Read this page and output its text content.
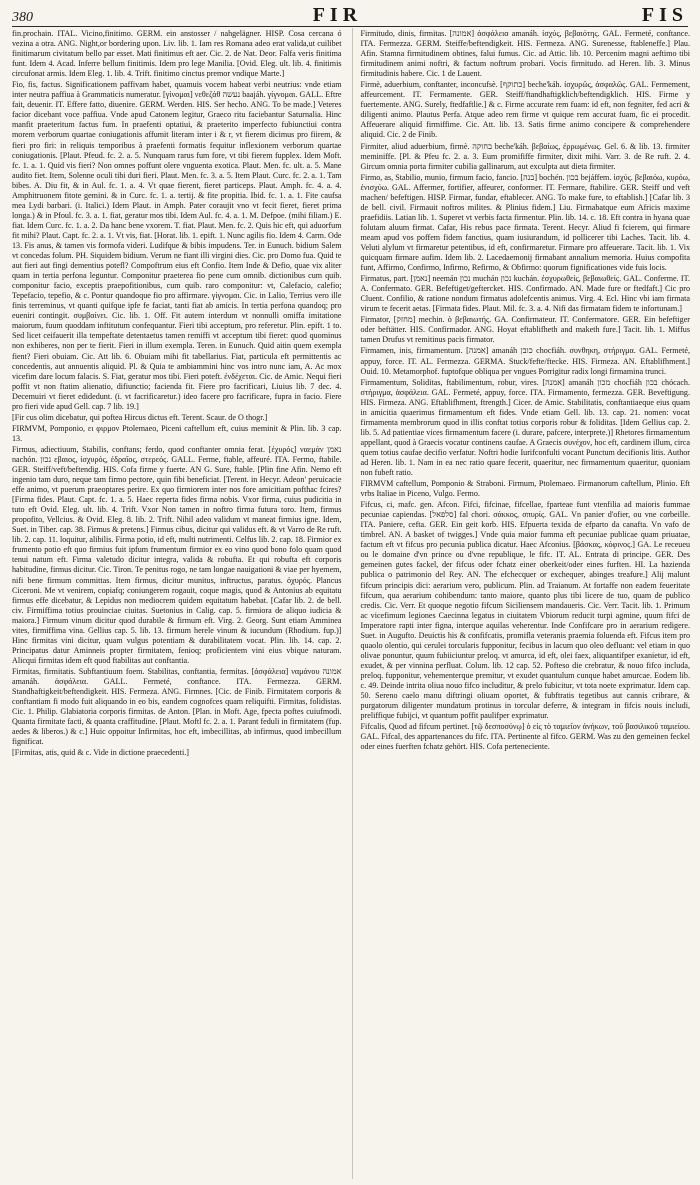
380	FIR	FIS

fin.prochain. ITAL. Vicino,finitimo. GERM. ein anstosser / nahgelägner. HISP. Cosa cercana ó vezina a otra. ANG. Night,or bordering upon. Liv. lib. 1. Iam res Romana adeo erat valida,ut cuilibet finitimarum civitatum bello par esset. Mati finitimus eft aer. Cic. 2. de Nat. Deor. Falfa veris finitima funt. Idem 4. Acad. Inferre bellum finitimis. Idem pro lege Manilia. [Ovid. Eleg. ult. lib. 4. finitimis circufonat armis. Idem Eleg. 1. lib. 4. Trift. finitimo cinctus premor vndique Marte.]

Fio, fis, factus. Significationem paffivam habet, quamuis vocem habeat verbi neutrius: vnde etiam inter neutra paffiua à Grammaticis numeratur. [γίνομαι] νεθεζάθ נעשה baajáh. γίγνομαι. GALL. Eftre fait, deuenir. IT. Effere fatto, diuenire. GERM. Werden. HIS. Ser hecho. ANG. To be made.] Veteres facior dicebant voce paffiua. Vnde apud Catonem legitur, Graeco ritu faciebantur Saturnalia. Hinc manfit praeteritum factus fum. In praefenti optatiui, & praeterito imperfecto fubiunctiui contra morem verborum quartae coniugationis affumit literam inter i & r, vt fierem dicimus pro fiirem, & fieri pro firi: in reliquis temporibus à praefenti formatis fequitur inflexionem verborum quartae coniugationis. [Plaut. Pfeud. fc. 2. a. 5. Nunquam rarus fum fore, vt tibi fierem fupplex. Idem Moft. fc. 1. a. 1. Quid vis fieri? Non omnes poffunt olere vnguenta exotica. Plaut. Men. fc. ult. a. 5. Mane audito fiet. Item, Solenne oculi tibi duri fieri. Plaut. Men. fc. 3. a. 5. Item Plaut. Curc. fc. 2. a. 1. Tam bibes. A. Diu fit, & in Aul. fc. 1. a. 4. Vt quae fierent, fieret particeps. Plaut. Amph. fc. 4. a. 4. Amphitruonem fitote gemini. & in Curc. fc. 1. a. tertij. & fite propitia. Ibid. fc. 1. a. 1. Fite caufsa mea Lydi barbari. (i. Italici.) Idem Plaut. in Amph. Pater coraujit vno vt fecit fieret, fieret prima longa.) & in Pfoul. fc. 3. a. 1. fiat, geratur mos tibi. Idem Aul. fc. 4. a. 1. M. Defpoe. (mihi filiam.) E. fiat. Idem Curc. fc. 1. a. 2. Da hanc bene vxorem. T. fiat. Plaut. Men. fc. 2. Quis hic eft, qui aduorfum fit mihi? Plaut. Capt. fc. 2. a. 1. Vt vis, fiat. [Horat. lib. 1. epift. 1. Nunc agilis fio. Idem 4. Carm. Ode 13. Fis anus, & tamen vis formofa videri. Ludifque & bibis impudens. Ter. in Eunuch. bidium Salem vt concedas folum. PH. Siquidem bidium. Verum ne fiant illi virgini dies. Cic. pro Domo fua. Quid te aut fieri aut fingi dementius potefl? Compoftrum eius eft Confio. Item Inde & Defio, quae vix aliter quam in tertia perfona leguntur. Componitur praeterea fio pene cum omnib. dictionibus cum quib. componitur facio, exceptis praepofitionibus, cum quib. raro componitur: vt, Calefacio, calefio; Tepefacio, tepefio, & c. Pontur quandoque fio pro affirmare. γίγνομαι. Cic. in Lalio, Terrius vero ille finis terreminus, vt quanti quifque ipfe fe faciat, tanti fiat ab amicis. In tertia perfona quandoq; pro eueniri contingit. συμβαίνει. Cic. lib. 1. Off. Fit autem interdum vt nonnulli omiffa imitatione maiorum, fuum quoddam inftitutum confequantur. Fieri tibi acceptum, pro referetur. Plin. epift. 1 to. Sed licet ceifauerit illa tempeftate detentaetus tamen remiffi vt acceptum tibi fieret: quod quominus non exhiberes, non per te fierit. Fieri in illum exempla. Teren. in Eunuch. Quid aitin quem exempla fient? Fieri obuiam. Cic. Att lib. 6. Obuiam mihi fit tabellarius. Fiat, particula eft permittentis ac concedentis, aut annuentis aliquid. Pl. & Quia te ambiammini hinc vos intro nunc iam, A. Ac mox vicefim dare locum falacis. S. Fiat, geratur mos tibi. Fieri poteft. ἐνδέχεται. Cic. de Amic. Nequi fieri poffit vt non ftatim alienatio, difiunctio; facienda fit. Fiere pro facrificari, Liuius lib. 7 dec. 4. Decemuiri vt fieret edidedunt. (i. vt facrificaretur.) ideo facere pro facrificare, fupra in facio. Fiere pro fieri vide apud Gell. cap. 7 lib. 19.]

[Fir cus olim dicebatur, qui poftea Hircus dictus eft. Terent. Scaur. de O thogr.]

FIRMVM, Pomponio, ει φιρμον Ptolemaeo, Piceni caftellum eft, cuius meminit & Plin. lib. 3 cap. 13.

Firmus, adiectiuum, Stabilis, conftans; ferdo, quod conftanter omnia ferat. [ἐχυρός] ναεμάν נאמן nachón. נכון εβαιος, ἰσχυρός, ἐδραῖος, στερεός. GALL. Ferme, ftable, affeuré. ITA. Fermo, ftabile. GER. Steiff/veft/beftendig. HIS. Cofa firme y fuerte. AN G. Sure, ftable. [Plin fine Afin. Nemo eft ingenio tam duro, neque tam firmo pectore, quin fibi beneficiat. [Terent. in Hecyr. Adeon' peruicacie effe animo, vt puerum praeoptares perire. Ex quo firmiorem inter nos fore amicitiam pofthac fcires? [Firma fides. Plaut. Capt. fc. 1. a. 5. Haec reperta fides firma nobis. Vxor firma, cuius pudicitia in tuto eft Ovid. Eleg. ult. lib. 4. Trift. Vxor Non tamen in noftro firma futura toro. Item, firmus propofito, Vellcius. & Ovid. Eleg. 8. lib. 2. Trift. Nihil adeo validum vt maneat firmius igne. Idem, Suet. in Tiber. cap. 38. Firmus & pretens.] Firmus cibus, dicitur qui validus eft. & vt Varro de Re ruft. lib. 2. cap. 11. loquitur, alibilis. Firma potio, id eft, multi nutrimenti. Celfus lib. 2. cap. 18. Firmior ex frumento potio eft quo firmius fuit ipfum frumentum firmior ex eo vino quod bono folo quam quod tenui natum eft. Firma valetudo dicitur integra, valida & robufta. Et qui robufta eft corporis habitudine, firmus dicitur. Cic. Tiron. Te penitus rogo, ne tam longae nauigationi & viae per hyemem, nifi bene firmum committas. Item firmus, dicitur munitus, inftructus, paratus. ὀχυρός. Plancus Ciceroni. Me vt venirem, copiafq; coniungerem rogauit, coque magis, quod & Antonius ab equitatu firmus effe dicebatur, & Lepidus non mediocrem quidem equitatum habebat. [Cafar lib. 2. de bell. civ. Firmiffima totius prouinciae ciuitas. Suetonius in Calig. cap. 5. firmiora de aliquo iudicia & maiora.] Firmum vinum dicitur quod durabile & firmum eft. Virg. 2. Georg. Sunt etiam Amminea vites, firmiffima vina. Gellius cap. 5. lib. 13. firmum herele vinum & iucundum (Rhodium. fup.)] Hinc firmitas vini dicitur, quam vulgus potentiam & durabilitatem vocat. Plin. lib. 14. cap. 2. Principatus datur Aminneis propter firmitatem, fenioq; proficientem vini eius vbique naturam. Alicqui firmitas idem eft quod ftabilitas aut conftantia.

Firmitas, firmitatis. Subftantiuum foem. Stabilitas, conftantia, fermitas. [ἀσφάλεια] ναμάνου אמונה amanáh. ἀσφάλεια. GALL. Fermeté, conftance. ITA. Fermezza. GERM. Standhaftigkeit/beftendigkeit. HIS. Fermeza. ANG. Firmnes. [Cic. de Finib. Firmitatem corporis & conftantiam fi modo fuit aliquando in eo bis, eandem cognofces quam reliquifti. Firmitas, folidistas. Cic. 1. Philip. Glabiatoria corporis firmitas. de Anton. [Plan. in Moft. Age, fpecta poftes cuiufmodi. Quanta firmitate facti, & quanta craffitudine. [Plaut. Moftl fc. 2. a. 1. Parant feduli in firmitatem (fup. aedes & liberos.) & c.] Huic oppoitur Infirmitas, hoc eft, imbecillitas, ab infirmus, quod imbecillum fignificat.

[Firmitas, atis, quid & c. Vide in dictione praecedenti.]

Firmitudo, dinis, firmitas. [אמונה] ἀσφάλεια amanáh. ἰσχύς, βεβαιότης. GAL. Fermeté, conftance. ITA. Fermezza. GERM. Steiffe/beftendigkeit. HIS. Fermeza. ANG. Surenesse, ftableneffe.] Plau. Afin. Stamna firmitudinem obtines, falui fumus. Cic. ad Attic. lib. 10. Percenim magni aeftimo tibi firmitudinem animi noftri, & factum noftrum probari. Vocis firmitudo. ad Heren. lib. 3. Minus firmitudinis habere. Cic. 1 de Lauent.

Firmè, aduerbium, conftanter, inconcufsè. [כתוקף] beche'káh. ἰσχυρῶς, ἀσφαλῶς. GAL. Fermement, affeurcement. IT. Fermamente. GER. Steiff/ftandhaftigklich/beftendigklich. HIS. Firme y fuertemente. ANG. Surely, ftedfaftlie.] & c. Firme accurate rem fuam: id eft, non fegniter, fed acri & diligenti animo. Plautus Perfa. Atque adeo rem firme vt quique rem accurat fuam, fic ei procedit. Affeuerare aliquid firmiffime. Cic. Att. lib. 13. Satis firme animo concipere & comprehendere aliquid. Cic. 2 de Finib.

Firmiter, aliud aduerbium, firmè. בחוקה beche'káh. βεβαίως, ἐρρωμένως. Gel. 6. & lib. 13. firmiter meminiffe. [Pl. & Pfeu fc. 2. a. 3. Eum promififfe firmiter, dixit mihi. Varr. 3. de Re ruft. 2. 4. Gircum omnia porta firmiter cubilia gallinarum, aut exculpta aut dieta firmiter.

Firmo, as, Stabilio, munio, firmum facio, fancio. [בנה] bochén. בכון bejáffem. ἰσχύς. βεβαιόω, κυρόω, ἐνισχύω. GAL. Affermer, fortifier, affeurer, conformer. IT. Fermare, ftabilire. GER. Steiff und veft machen/ befeftigen. HISP. Firmar, fundar, eftablecer. ANG. To make fure, to eftablish.] [Cafar lib. 3 de bell. civil. Firmauit noftros milites. & Plinius fidem.] Liu. Firmabatque eum Africis maxime praefidiis. Latian lib. 1. Superet vt verbis facta firmentur. Plin. lib. 14. c. 18. Eft contra in hyana quae folutam aluum firmat. Cafar, His rebus pace firmata. Terent. Hecyr. Aliud fi fcierem, qui firmare meam apud vos poffem fidem fanctius, quam iusiurandum, id pollicerer tibi Laches. Tacit. lib. 4. Veluti alylum vt firmaretur petentibus, id eft, confirmaretur. Firmare pro affeuerare. Tacit. lib. 1. Vix quicquam firmare aufim. Idem lib. 2. Lacedaemonij firmabant annalium memoria. Huius compofita funt, Affirmo, Confirmo, Infirmo, Refirmo, & Obfirmo: quorum fignificationes vide fuis locis.

Firmatus, part. [נאמן] neemán נכון muchán נכון kuchán. ἐσχυρωθείς, βεβαιωθείς. GAL. Conferme. IT. A. Confermato. GER. Befeftiget/geftercket. HIS. Confirmado. AN. Made fure or ftedfaft.] Cic pro Cluent. Confilio, & ratione nondum firmatus adolefcentis animus. Virg. 4. Ecl. Hinc vbi iam firmata virum te fecerit aetas. [Firmata fides. Plaut. Mil. fc. 3. a. 4. Nifi das firmatam fidem te infortunam.]

Firmator, [מחזק] mechin. ὁ βεβαιωτής. GA. Confirmateur. IT. Confermatore. GER. Ein befeftiger oder beftätter. HIS. Confirmador. ANG. Hoyat eftablifheth and maketh fure.] Tacit. lib. 1. Miffus tamen Drufus vt remitinus pacis firmator.

Firmamen, inis, firmamentum. [אמנה] amanáh כובן chocfiáh. συνθηκη, στήριγμα. GAL. Fermeté, appuy, force. IT. AL. Fermezza. GERMA. Stuck/fefte/ftecke. HIS. Firmeza. AN. Eftablifhment.] Ouid. 10. Metamorphof. fuptofque obliqua per vngues Porrigitur radix longi firmamina trunci.

Firmamentum, Soliditas, ftabilimentum, robur, vires. [אמנה] amanáh מכון chocfiáh בכון chócach. στήριγμα, ἀσφάλεια. GAL. Fermeté, appuy, force. ITA. Firmamento, fermezza. GER. Beveftigung. HIS. Firmeza. ANG. Eftablifhment, ftrength.] Cicer. de Amic. Stabilitatis, conftantiaeque eius quam in amicitia quaerimus firmamentum eft fides. Vnde etiam Gell. lib. 13. cap. 21. nomen: vocat firmamenta membrorum quod in illis conftat totius corporis robur & foliditas. [Idem Gellius cap. 2. lib. 5. Ad patientiae vices firmamentum facere (i. durare, pafcere, interprete.)] Rhetores firmamentum appellant, quod à Graecis vocatur continens caufae. A Graecis συνέχον, hoc eft, cardinem illum, circa quem totius caufae decifio verfatur. Noftri hodie Iurifconfulti vocant Punctum decifionis litis. Author ad Heren. lib. 1. Nam in ea nec ratio quare fecerit, quaeritur, nec firmamentum quaeritur, quoniam non fubeft ratio.

FIRMVM caftellum, Pomponio & Straboni. Firmum, Ptolemaeo. Firmanorum caftellum, Plinio. Eft vrbs Italiae in Piceno, Vulgo. Fermo.

Fifcus, ci, mafc. gen. Afcon. Fifci, fifcinae, fifcellae, fparteae funt vtenfilia ad maioris fummae pecuniae capiendas. [סלפאל] fal chori. σάκκος, σπυρίς. GAL. Vn panier d'ofier, ou vne corbeille. ITA. Paniere, cefta. GER. Ein geit korb. HIS. Efpuerta texida de efparto da canafta. Vn vafo de timbrel. AN. A basket of twigges.] Vnde quia maior fumma eft pecuniae publicae quam priuatae, factum eft vt fifcus pro pecunia publica dicatur. Haec Afconius. [βάσκας, κόφινος.] GA. Le receueu ou le domaine d'vn prince ou d'vne republique, le fifc. IT. AL. Entrata di principe. GER. Des gemeinen gutes fackel, der fifcus oder fchatz einer oberkeit/oder eines furften. HI. La hazienda publica o patrimonio del Rey. AN. The efchecquer or exchequer, abinges treafure.] Alij malunt fifcum principis dici: aerarium vero, publicum. Plin. ad Traianum. At fortaffe non eadem feueritate fifcum, qua aerarium cohibendum: tanto maiore, quanto plus tibi licere de tuo, quam de publico credis. Cic. Verr. Et quoque negotio fifcum Siciliensem mandaueris. Cic. Verr. Tacit. lib. 1. Primum ac vicefimum legiones Caecinna legatus in ciuitatem Vbiorum reducit turpi agmine, quum fifci de Imperatore rapti inter figna, interque aquilas veherentur. Inde Confifcare pro in aerarium redigere. Suet. in Augufto. Deuictis his & confifcatis, promifla veteranis praemia foluenda eft. Fifcus item pro quaolo olentio, qui cerulei torcularis fupponitur, fecibus in lacum quo oleo defluant: vel etiam in quo olivae ponuntur, quum fubiiciuntur preloq. vt amurca, id eft, olei faex, aliquantifper exanietur, id eft, exudet, & per vinnina perfluat. Colum. lib. 12 cap. 52. Pofteso die crebratur, & nouo fifco includa, preloq. fupponitur, vehementerque premitur, vt exudet quantulum cunque habet amurcae. Eodem lib. c. 49. Deinde intrita oliua nouo fifco includitur, & prelo fubicitur, vt tota noete exprimatur. Idem cap. 50. Sereno caelo manu diftringi oliuam oportet, & fubftratis tegetibus aut cannis cribrare, & purgatorum diligenter mundatum protinus in torcular deferre, & integram in fifcis nouis includi, preliffique fubijci, vt quantum poffit paulifper exprimatur.

Fifcalis, Quod ad fifcum pertinet. [τῷ δεσποσύνῳ] ὁ εἰς τὸ ταμιεῖον ἀνήκων, τοῦ βασιλικοῦ ταμιείου. GAL. Fifcal, des appartenances du fifc. ITA. Pertinente al fifco. GERM. Was zu den gemeinen feckel oder eines fuerften fchatz gehört. HIS. Cofa perteneciente.
